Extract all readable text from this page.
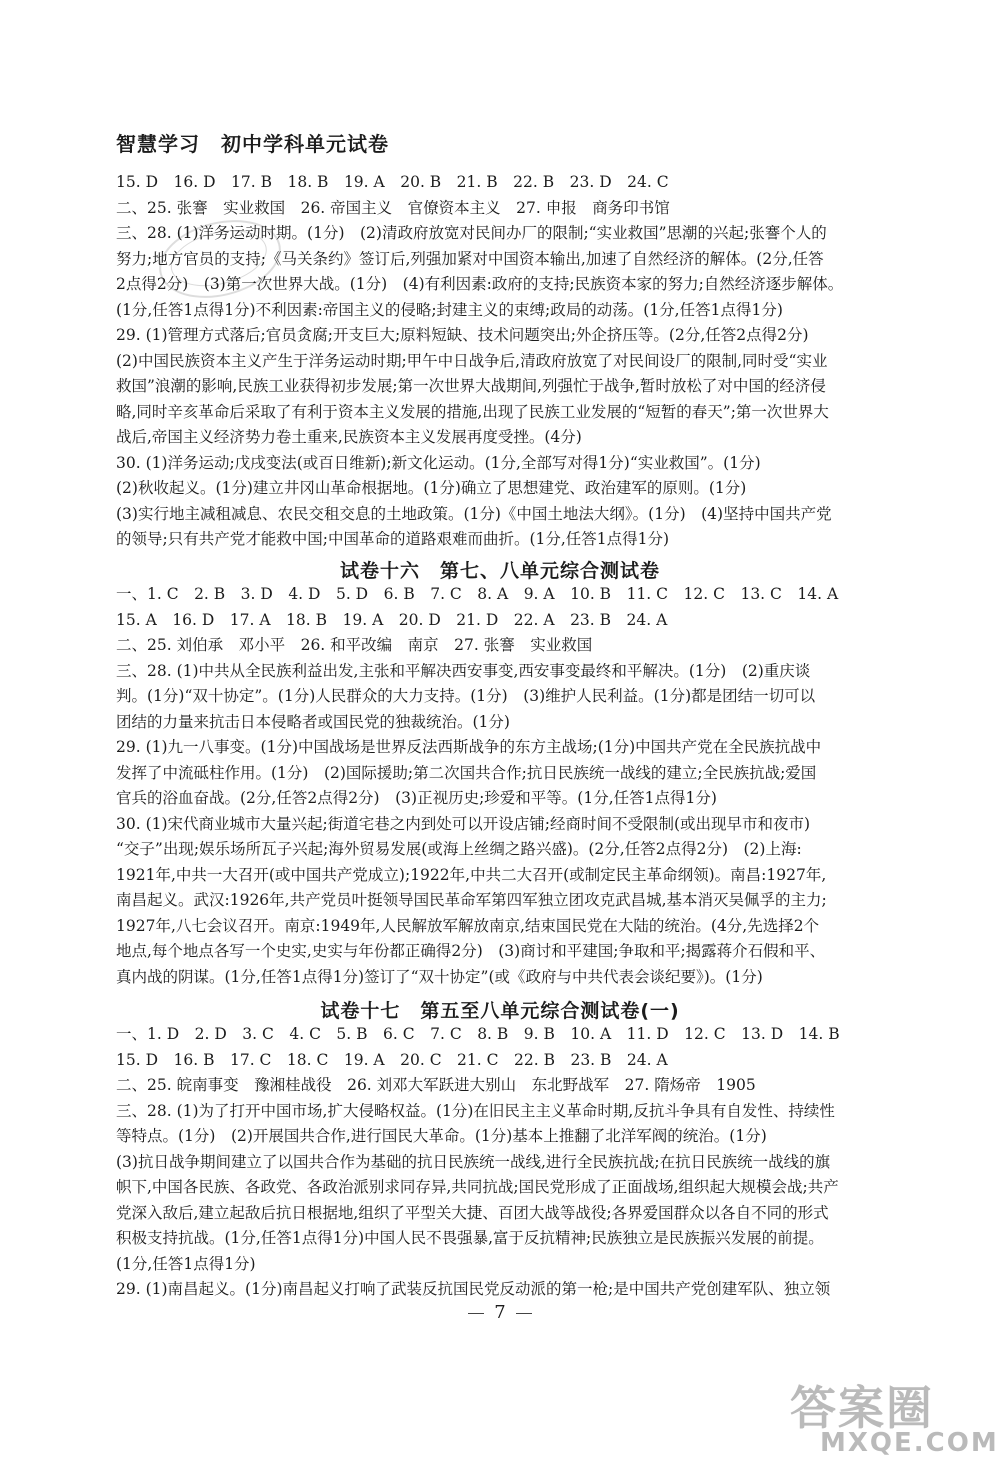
智慧学习　初中学科单元试卷
15. D　16. D　17. B　18. B　19. A　20. B　21. B　22. B　23. D　24. C
二、25. 张謇　实业救国　26. 帝国主义　官僚资本主义　27. 申报　商务印书馆
三、28. (1)洋务运动时期。(1分)　(2)清政府放宽对民间办厂的限制;“实业救国”思潮的兴起;张謇个人的
努力;地方官员的支持;《马关条约》签订后,列强加紧对中国资本输出,加速了自然经济的解体。(2分,任答
2点得2分)　(3)第一次世界大战。(1分)　(4)有利因素:政府的支持;民族资本家的努力;自然经济逐步解体。
(1分,任答1点得1分)不利因素:帝国主义的侵略;封建主义的束缚;政局的动荡。(1分,任答1点得1分)
29. (1)管理方式落后;官员贪腐;开支巨大;原料短缺、技术问题突出;外企挤压等。(2分,任答2点得2分)
(2)中国民族资本主义产生于洋务运动时期;甲午中日战争后,清政府放宽了对民间设厂的限制,同时受“实业
救国”浪潮的影响,民族工业获得初步发展;第一次世界大战期间,列强忙于战争,暂时放松了对中国的经济侵
略,同时辛亥革命后采取了有利于资本主义发展的措施,出现了民族工业发展的“短暂的春天”;第一次世界大
战后,帝国主义经济势力卷土重来,民族资本主义发展再度受挫。(4分)
30. (1)洋务运动;戊戌变法(或百日维新);新文化运动。(1分,全部写对得1分)“实业救国”。(1分)
(2)秋收起义。(1分)建立井冈山革命根据地。(1分)确立了思想建党、政治建军的原则。(1分)
(3)实行地主减租减息、农民交租交息的土地政策。(1分)《中国土地法大纲》。(1分)　(4)坚持中国共产党
的领导;只有共产党才能救中国;中国革命的道路艰难而曲折。(1分,任答1点得1分)
试卷十六　第七、八单元综合测试卷
一、1. C　2. B　3. D　4. D　5. D　6. B　7. C　8. A　9. A　10. B　11. C　12. C　13. C　14. A
15. A　16. D　17. A　18. B　19. A　20. D　21. D　22. A　23. B　24. A
二、25. 刘伯承　邓小平　26. 和平改编　南京　27. 张謇　实业救国
三、28. (1)中共从全民族利益出发,主张和平解决西安事变,西安事变最终和平解决。(1分)　(2)重庆谈
判。(1分)“双十协定”。(1分)人民群众的大力支持。(1分)　(3)维护人民利益。(1分)都是团结一切可以
团结的力量来抗击日本侵略者或国民党的独裁统治。(1分)
29. (1)九一八事变。(1分)中国战场是世界反法西斯战争的东方主战场;(1分)中国共产党在全民族抗战中
发挥了中流砥柱作用。(1分)　(2)国际援助;第二次国共合作;抗日民族统一战线的建立;全民族抗战;爱国
官兵的浴血奋战。(2分,任答2点得2分)　(3)正视历史;珍爱和平等。(1分,任答1点得1分)
30. (1)宋代商业城市大量兴起;街道宅巷之内到处可以开设店铺;经商时间不受限制(或出现早市和夜市)
“交子”出现;娱乐场所瓦子兴起;海外贸易发展(或海上丝绸之路兴盛)。(2分,任答2点得2分)　(2)上海:
1921年,中共一大召开(或中国共产党成立);1922年,中共二大召开(或制定民主革命纲领)。南昌:1927年,
南昌起义。武汉:1926年,共产党员叶挺领导国民革命军第四军独立团攻克武昌城,基本消灭吴佩孚的主力;
1927年,八七会议召开。南京:1949年,人民解放军解放南京,结束国民党在大陆的统治。(4分,先选择2个
地点,每个地点各写一个史实,史实与年份都正确得2分)　(3)商讨和平建国;争取和平;揭露蒋介石假和平、
真内战的阴谋。(1分,任答1点得1分)签订了“双十协定”(或《政府与中共代表会谈纪要》)。(1分)
试卷十七　第五至八单元综合测试卷(一)
一、1. D　2. D　3. C　4. C　5. B　6. C　7. C　8. B　9. B　10. A　11. D　12. C　13. D　14. B
15. D　16. B　17. C　18. C　19. A　20. C　21. C　22. B　23. B　24. A
二、25. 皖南事变　豫湘桂战役　26. 刘邓大军跃进大别山　东北野战军　27. 隋炀帝　1905
三、28. (1)为了打开中国市场,扩大侵略权益。(1分)在旧民主主义革命时期,反抗斗争具有自发性、持续性
等特点。(1分)　(2)开展国共合作,进行国民大革命。(1分)基本上推翻了北洋军阀的统治。(1分)
(3)抗日战争期间建立了以国共合作为基础的抗日民族统一战线,进行全民族抗战;在抗日民族统一战线的旗
帜下,中国各民族、各政党、各政治派别求同存异,共同抗战;国民党形成了正面战场,组织起大规模会战;共产
党深入敌后,建立起敌后抗日根据地,组织了平型关大捷、百团大战等战役;各界爱国群众以各自不同的形式
积极支持抗战。(1分,任答1点得1分)中国人民不畏强暴,富于反抗精神;民族独立是民族振兴发展的前提。
(1分,任答1点得1分)
29. (1)南昌起义。(1分)南昌起义打响了武装反抗国民党反动派的第一枪;是中国共产党创建军队、独立领
7
答案圈
MXQE.COM
